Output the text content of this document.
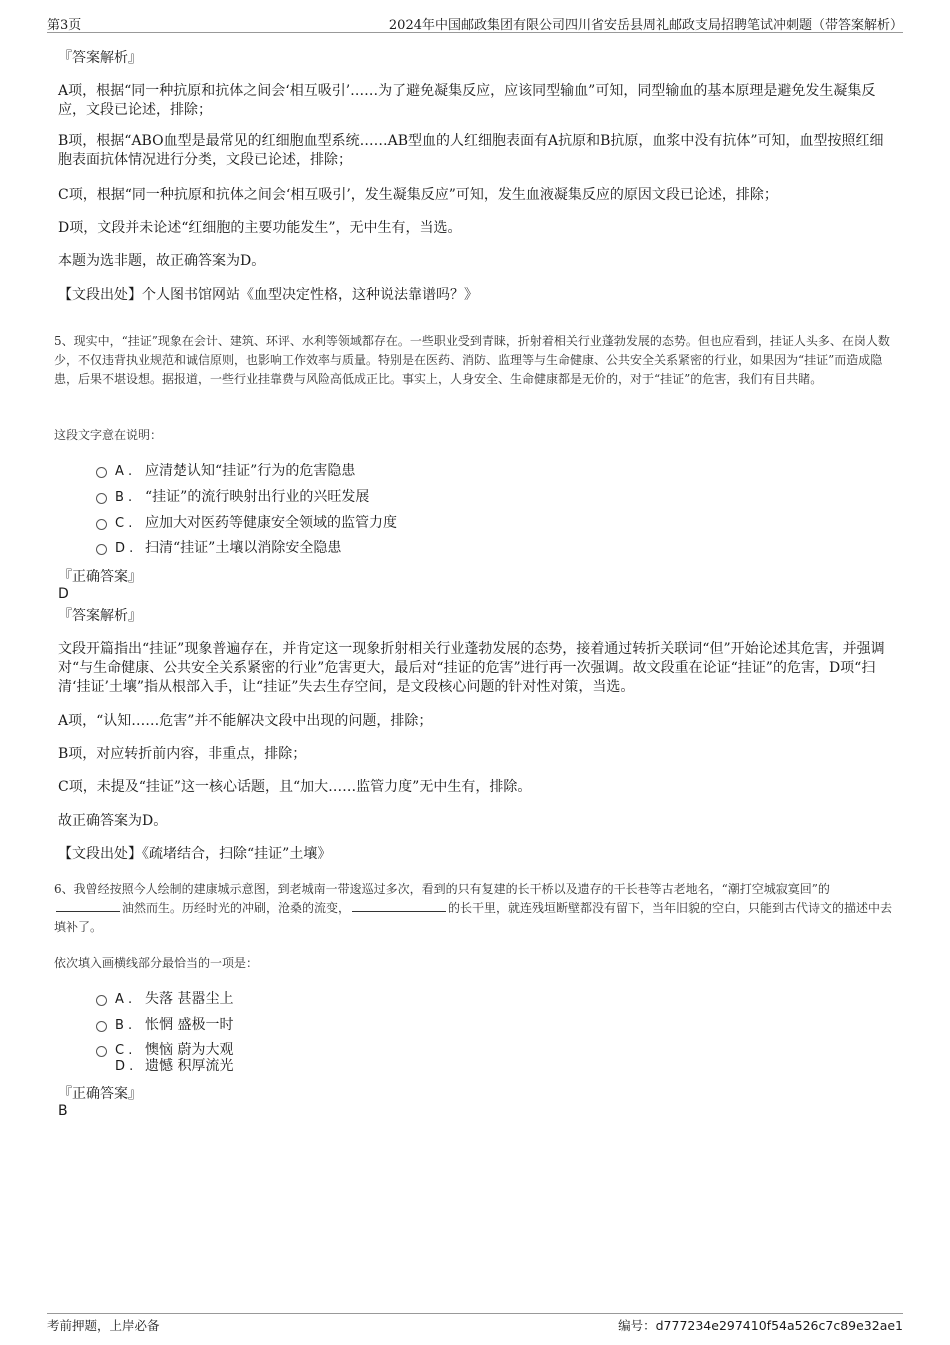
第3页	2024年中国邮政集团有限公司四川省安岳县周礼邮政支局招聘笔试冲刺题（带答案解析）
『答案解析』
A项，根据“同一种抗原和抗体之间会‘相互吸引’……为了避免凝集反应，应该同型输血”可知，同型输血的基本原理是避免发生凝集反应，文段已论述，排除；
B项，根据“ABO血型是最常见的红细胞血型系统……AB型血的人红细胞表面有A抗原和B抗原，血浆中没有抗体”可知，血型按照红细胞表面抗体情况进行分类，文段已论述，排除；
C项，根据“同一种抗原和抗体之间会‘相互吸引’，发生凝集反应”可知，发生血液凝集反应的原因文段已论述，排除；
D项，文段并未论述“红细胞的主要功能发生”，无中生有，当选。
本题为选非题，故正确答案为D。
【文段出处】个人图书馆网站《血型决定性格，这种说法靠谱吗？》
5、现实中，“挂证”现象在会计、建筑、环评、水利等领域都存在。一些职业受到青睐，折射着相关行业蓬勃发展的态势。但也应看到，挂证人头多、在岗人数少，不仅违背执业规范和诚信原则，也影响工作效率与质量。特别是在医药、消防、监理等与生命健康、公共安全关系紧密的行业，如果因为“挂证”而造成隐患，后果不堪设想。据报道，一些行业挂靠费与风险高低成正比。事实上，人身安全、生命健康都是无价的，对于“挂证”的危害，我们有目共睹。
这段文字意在说明：
A . 应清楚认知“挂证”行为的危害隐患
B . “挂证”的流行映射出行业的兴旺发展
C . 应加大对医药等健康安全领域的监管力度
D . 扫清“挂证”土壤以消除安全隐患
『正确答案』
D
『答案解析』
文段开篇指出“挂证”现象普遍存在，并肯定这一现象折射相关行业蓬勃发展的态势，接着通过转折关联词“但”开始论述其危害，并强调对“与生命健康、公共安全关系紧密的行业”危害更大，最后对“挂证的危害”进行再一次强调。故文段重在论证“挂证”的危害，D项“扫清‘挂证’土壤”指从根部入手，让“挂证”失去生存空间，是文段核心问题的针对性对策，当选。
A项，“认知……危害”并不能解决文段中出现的问题，排除；
B项，对应转折前内容，非重点，排除；
C项，未提及“挂证”这一核心话题，且“加大……监管力度”无中生有，排除。
故正确答案为D。
【文段出处】《疏堵结合，扫除“挂证”土壤》
6、我曾经按照今人绘制的建康城示意图，到老城南一带逡巡过多次，看到的只有复建的长干桥以及遗存的干长巷等古老地名，“潮打空城寂寞回”的油然而生。历经时光的冲刷，沧桑的流变，	的长干里，就连残垣断壁都没有留下，当年旧貌的空白，只能到古代诗文的描述中去填补了。
依次填入画横线部分最恰当的一项是：
A . 失落 甚嚣尘上
B . 怅惘 盛极一时
C . 懊恼 蔚为大观
D . 遗憾 积厚流光
『正确答案』
B
考前押题，上岸必备	编号：d777234e297410f54a526c7c89e32ae1
